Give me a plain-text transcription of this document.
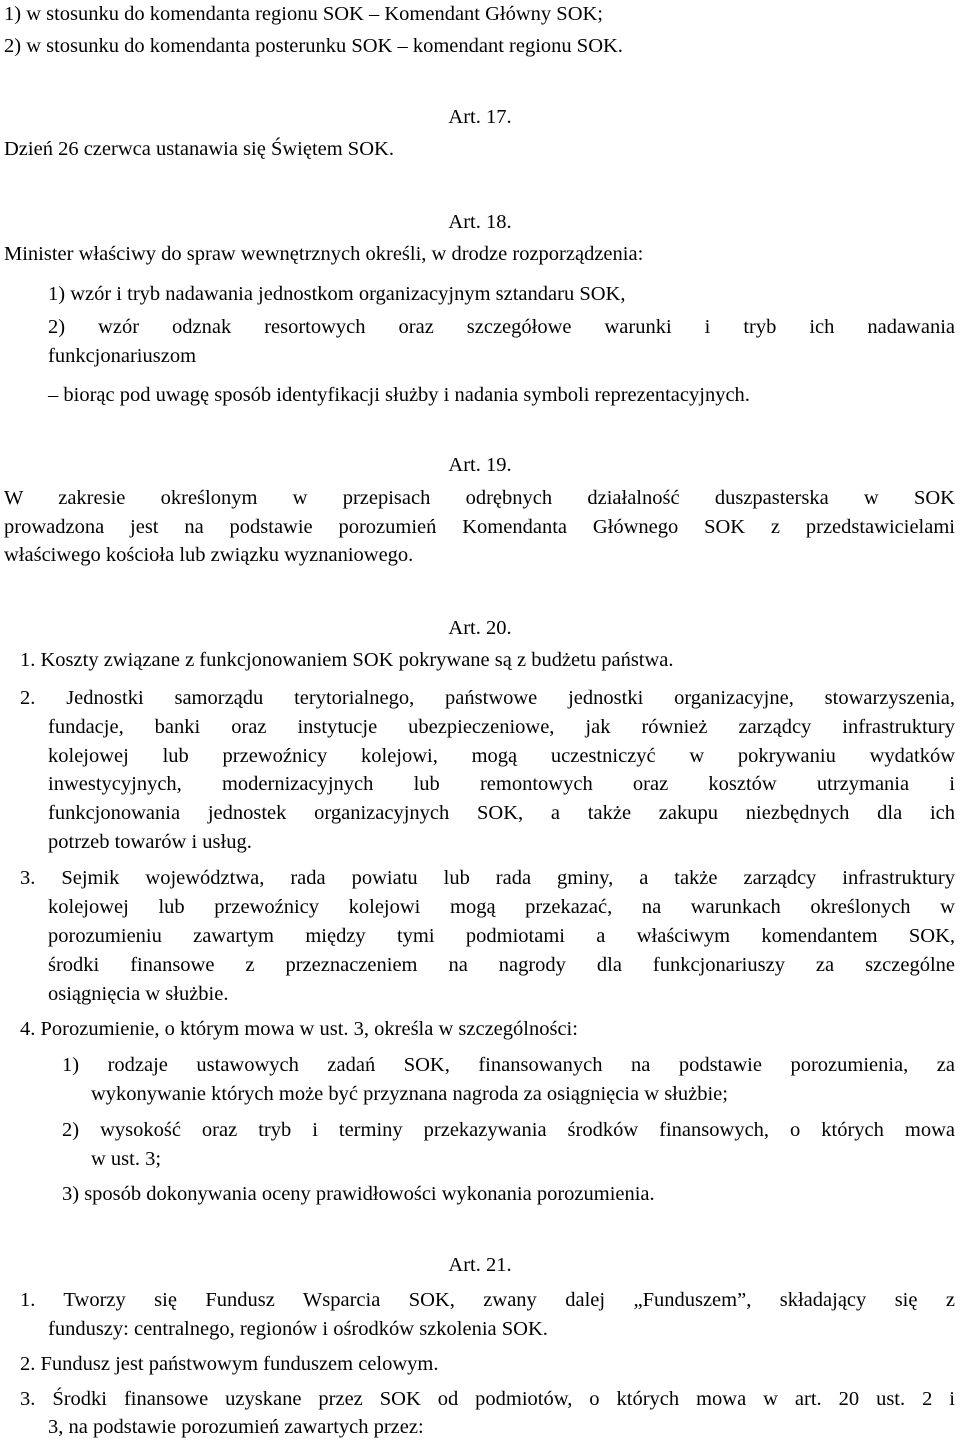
1) w stosunku do komendanta regionu SOK – Komendant Główny SOK;
2) w stosunku do komendanta posterunku SOK – komendant regionu SOK.
Art. 17.
Dzień 26 czerwca ustanawia się Świętem SOK.
Art. 18.
Minister właściwy do spraw wewnętrznych określi, w drodze rozporządzenia:
1) wzór i tryb nadawania jednostkom organizacyjnym sztandaru SOK,
2) wzór odznak resortowych oraz szczegółowe warunki i tryb ich nadawania
funkcjonariuszom
– biorąc pod uwagę sposób identyfikacji służby i nadania symboli reprezentacyjnych.
Art. 19.
W zakresie określonym w przepisach odrębnych działalność duszpasterska w SOK
prowadzona jest na podstawie porozumień Komendanta Głównego SOK z przedstawicielami
właściwego kościoła lub związku wyznaniowego.
Art. 20.
1. Koszty związane z funkcjonowaniem SOK pokrywane są z budżetu państwa.
2. Jednostki samorządu terytorialnego, państwowe jednostki organizacyjne, stowarzyszenia,
fundacje, banki oraz instytucje ubezpieczeniowe, jak również zarządcy infrastruktury
kolejowej lub przewoźnicy kolejowi, mogą uczestniczyć w pokrywaniu wydatków
inwestycyjnych, modernizacyjnych lub remontowych oraz kosztów utrzymania i
funkcjonowania jednostek organizacyjnych SOK, a także zakupu niezbędnych dla ich
potrzeb towarów i usług.
3. Sejmik województwa, rada powiatu lub rada gminy, a także zarządcy infrastruktury
kolejowej lub przewoźnicy kolejowi mogą przekazać, na warunkach określonych w
porozumieniu zawartym między tymi podmiotami a właściwym komendantem SOK,
środki finansowe z przeznaczeniem na nagrody dla funkcjonariuszy za szczególne
osiągnięcia w służbie.
4. Porozumienie, o którym mowa w ust. 3, określa w szczególności:
1) rodzaje ustawowych zadań SOK, finansowanych na podstawie porozumienia, za
wykonywanie których może być przyznana nagroda za osiągnięcia w służbie;
2) wysokość oraz tryb i terminy przekazywania środków finansowych, o których mowa
w ust. 3;
3) sposób dokonywania oceny prawidłowości wykonania porozumienia.
Art. 21.
1. Tworzy się Fundusz Wsparcia SOK, zwany dalej „Funduszem”, składający się z
funduszy: centralnego, regionów i ośrodków szkolenia SOK.
2. Fundusz jest państwowym funduszem celowym.
3. Środki finansowe uzyskane przez SOK od podmiotów, o których mowa w art. 20 ust. 2 i
3, na podstawie porozumień zawartych przez:
